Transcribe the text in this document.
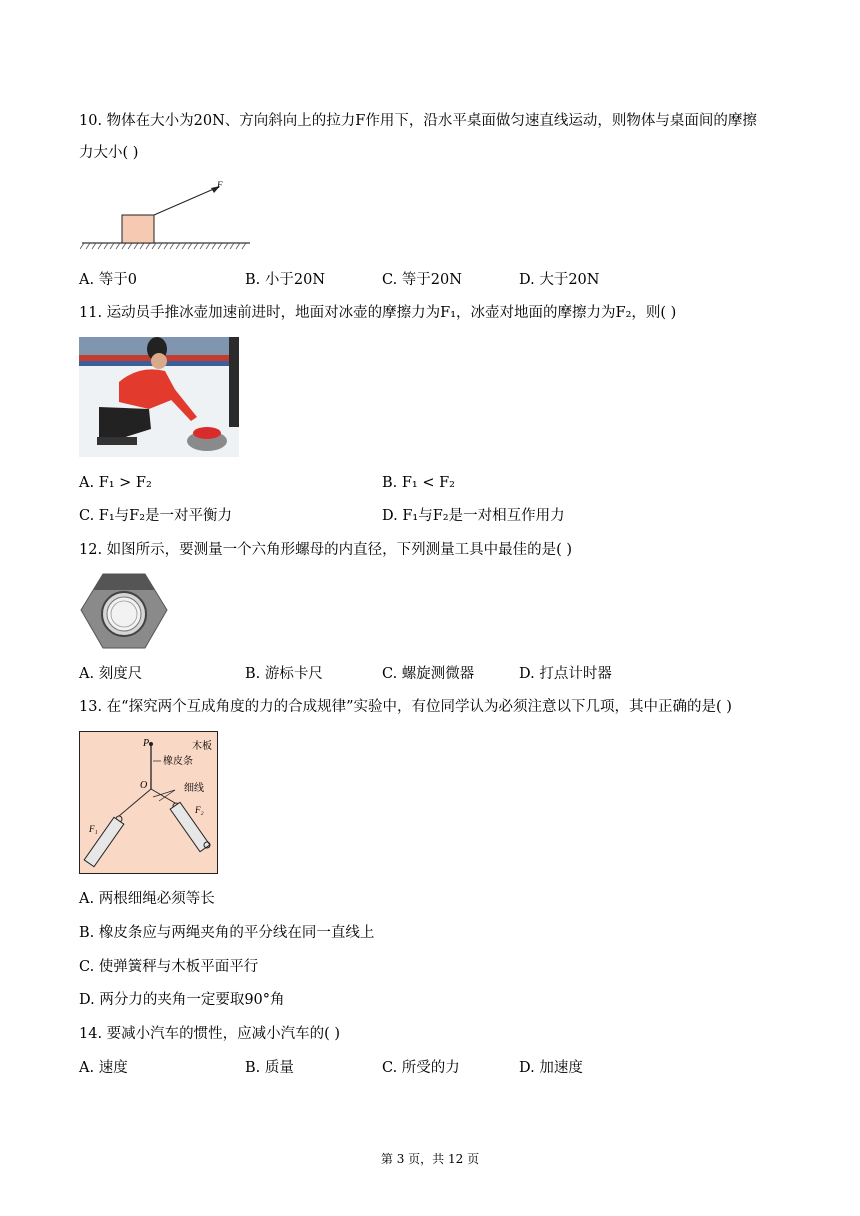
10. 物体在大小为20N、方向斜向上的拉力F作用下，沿水平桌面做匀速直线运动，则物体与桌面间的摩擦
力大小( )
F
A. 等于0	B. 小于20N	C. 等于20N	D. 大于20N
11. 运动员手推冰壶加速前进时，地面对冰壶的摩擦力为F₁，冰壶对地面的摩擦力为F₂，则( )
A. F₁ > F₂	B. F₁ < F₂
C. F₁与F₂是一对平衡力	D. F₁与F₂是一对相互作用力
12. 如图所示，要测量一个六角形螺母的内直径，下列测量工具中最佳的是( )
A. 刻度尺	B. 游标卡尺	C. 螺旋测微器	D. 打点计时器
13. 在“探究两个互成角度的力的合成规律”实验中，有位同学认为必须注意以下几项，其中正确的是( )
P	木板
橡皮条
O	细线
F₁
F₂
A. 两根细绳必须等长
B. 橡皮条应与两绳夹角的平分线在同一直线上
C. 使弹簧秤与木板平面平行
D. 两分力的夹角一定要取90°角
14. 要减小汽车的惯性，应减小汽车的( )
A. 速度	B. 质量	C. 所受的力	D. 加速度
第 3 页，共 12 页
